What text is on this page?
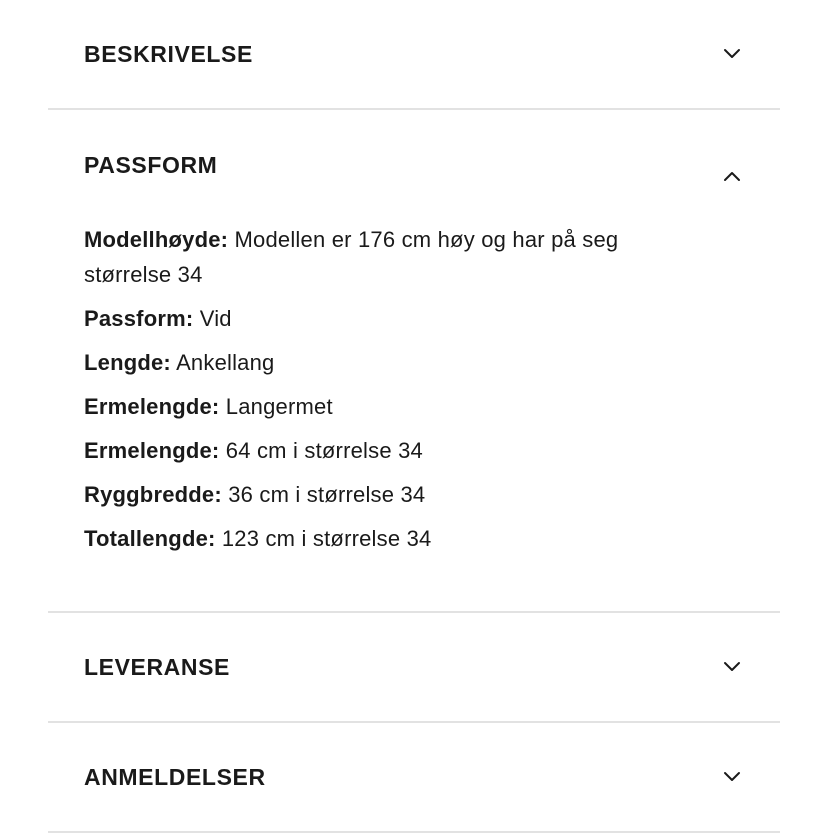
BESKRIVELSE
PASSFORM

Modellhøyde: Modellen er 176 cm høy og har på seg størrelse 34

Passform: Vid

Lengde: Ankellang

Ermelengde: Langermet

Ermelengde: 64 cm i størrelse 34

Ryggbredde: 36 cm i størrelse 34

Totallengde: 123 cm i størrelse 34

LEVERANSE
ANMELDELSER
